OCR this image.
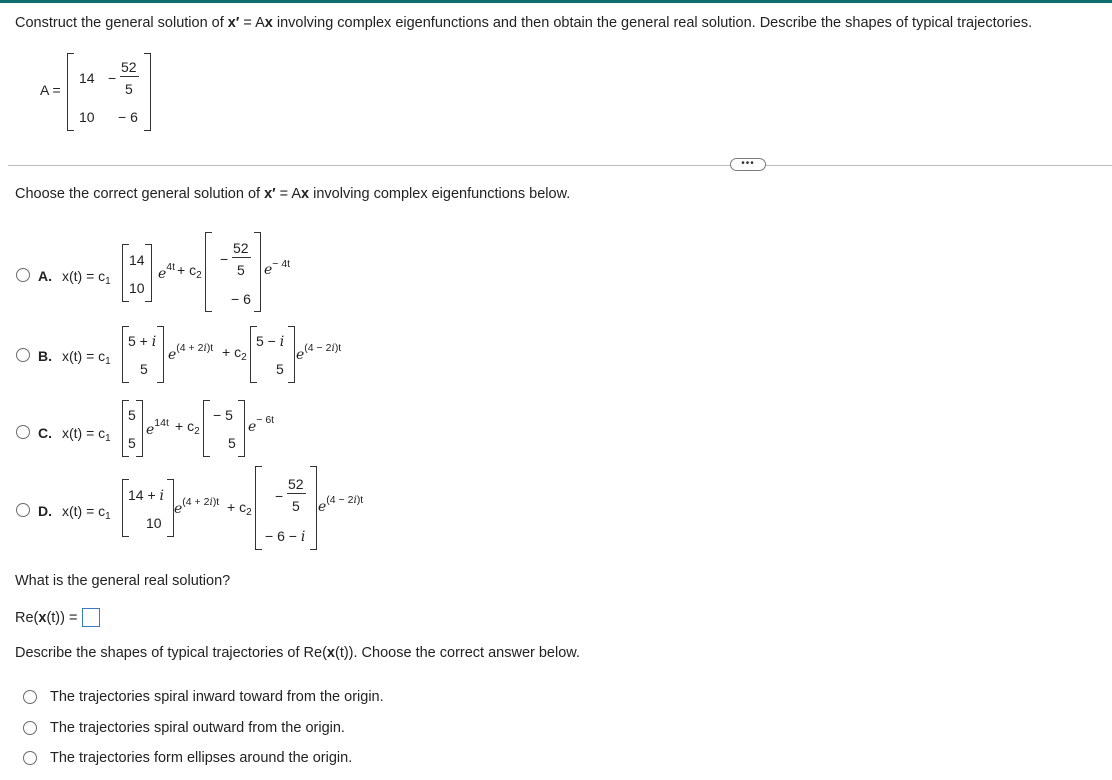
Construct the general solution of x′ = Ax involving complex eigenfunctions and then obtain the general real solution. Describe the shapes of typical trajectories.
A =
14 −
52
5
10 − 6
•••
Choose the correct general solution of x′ = Ax involving complex eigenfunctions below.
A. $x(t) = c_1$
14
10
$e^{4t} + c_2$
−
52
5
− 6
$e^{- 4t}$
B. $x(t) = c_1$
5 + i
5
$e^{(4 + 2i)t} + c_2$
5 − i
5
$e^{(4 - 2i)t}$
C. $x(t) = c_1$
5
5
$e^{14t} + c_2$
− 5
5
$e^{- 6t}$
D. $x(t) = c_1$
14 + i
10
$e^{(4 + 2i)t} + c_2$
−
52
5
− 6 − i
$e^{(4 - 2i)t}$
What is the general real solution?
Re(x(t)) =
Describe the shapes of typical trajectories of Re(x(t)). Choose the correct answer below.
The trajectories spiral inward toward from the origin.
The trajectories spiral outward from the origin.
The trajectories form ellipses around the origin.
